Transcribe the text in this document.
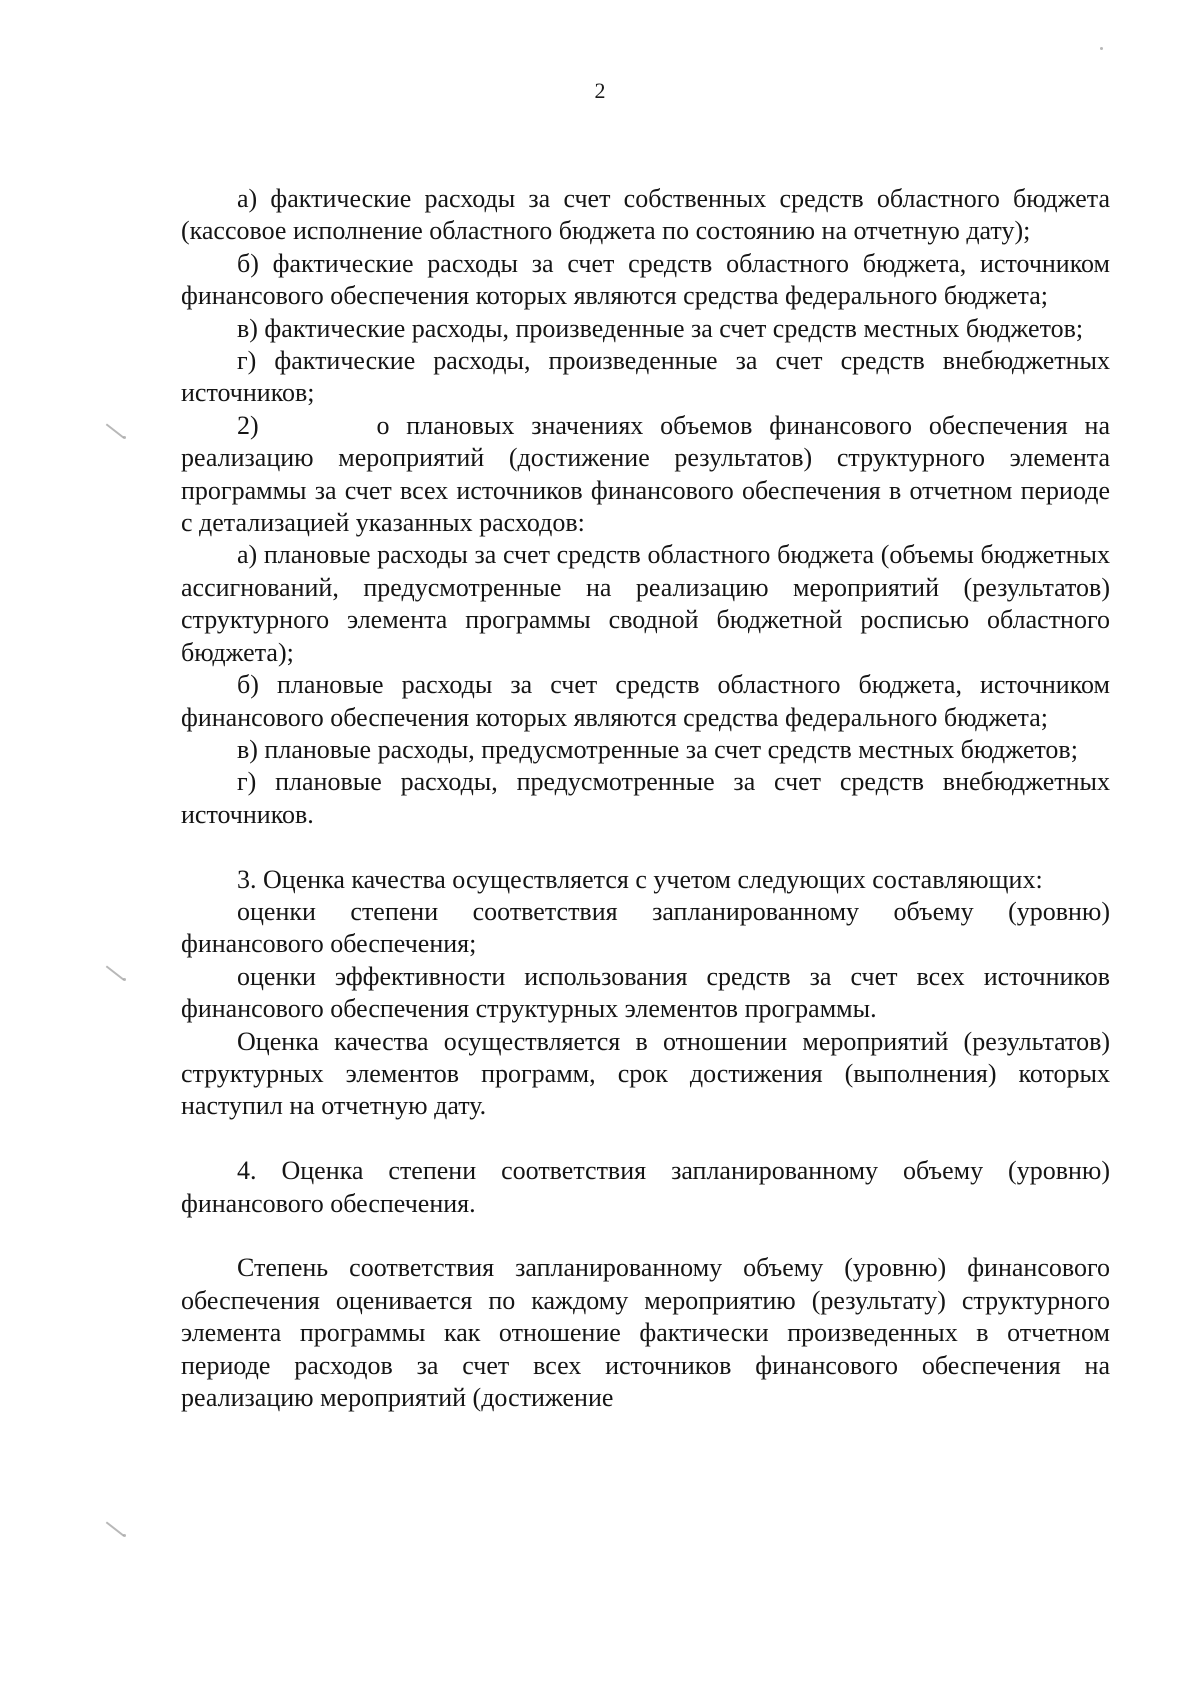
2

а) фактические расходы за счет собственных средств областного бюджета (кассовое исполнение областного бюджета по состоянию на отчетную дату);

б) фактические расходы за счет средств областного бюджета, источником финансового обеспечения которых являются средства федерального бюджета;

в) фактические расходы, произведенные за счет средств местных бюджетов;

г) фактические расходы, произведенные за счет средств внебюджетных источников;

2)       о плановых значениях объемов финансового обеспечения на реализацию мероприятий (достижение результатов) структурного элемента программы за счет всех источников финансового обеспечения в отчетном периоде с детализацией указанных расходов:

а) плановые расходы за счет средств областного бюджета (объемы бюджетных ассигнований, предусмотренные на реализацию мероприятий (результатов) структурного элемента программы сводной бюджетной росписью областного бюджета);

б) плановые расходы за счет средств областного бюджета, источником финансового обеспечения которых являются средства федерального бюджета;

в) плановые расходы, предусмотренные за счет средств местных бюджетов;

г) плановые расходы, предусмотренные за счет средств внебюджетных источников.

3. Оценка качества осуществляется с учетом следующих составляющих:

оценки степени соответствия запланированному объему (уровню) финансового обеспечения;

оценки эффективности использования средств за счет всех источников финансового обеспечения структурных элементов программы.

Оценка качества осуществляется в отношении мероприятий (результатов) структурных элементов программ, срок достижения (выполнения) которых наступил на отчетную дату.

4. Оценка степени соответствия запланированному объему (уровню) финансового обеспечения.

Степень соответствия запланированному объему (уровню) финансового обеспечения оценивается по каждому мероприятию (результату) структурного элемента программы как отношение фактически произведенных в отчетном периоде расходов за счет всех источников финансового обеспечения на реализацию мероприятий (достижение
